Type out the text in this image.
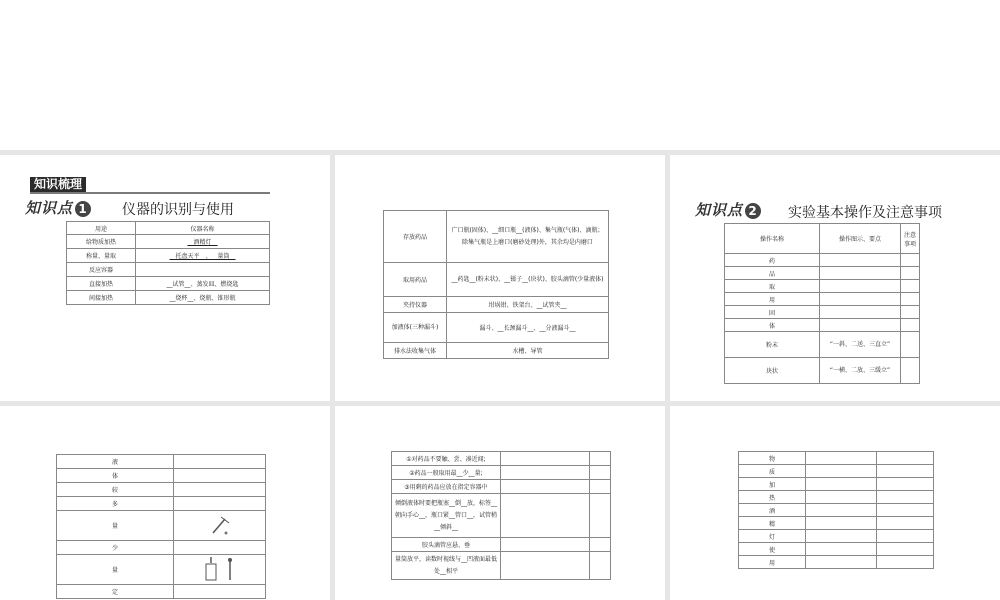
知识梳理
知识点 1 仪器的识别与使用
用途	仪器名称
给物质加热	__酒精灯__
称量、量取	__托盘天平__、__量筒__
反应容器	
直接加热	__试管__、蒸发皿、燃烧匙
间接加热	__烧杯__、烧瓶、锥形瓶
存放药品	广口瓶(固体)、__细口瓶__(液体)、集气瓶(气体)、滴瓶；除集气瓶是上磨口(磨砂处理)外，其余均是内磨口
取用药品	__药匙__(粉末状)、__镊子__(块状)、胶头滴管(少量液体)
夹持仪器	坩埚钳、铁架台、__试管夹__
加液体(三种漏斗)	漏斗、__长颈漏斗__、__分液漏斗__
排水法收集气体	水槽、导管
知识点 2 实验基本操作及注意事项
操作名称	操作图示、要点	注意事项
药		
品		
取		
用		
固		
体		
粉末	“一斜、二送、三直立”	
块状	“一横、二放、三缓立”	
液	
体	
较	
多	
量	
少	
量	
定	
①对药品不要触、尝、凑近闻;		
②药品一般取用最__少__量;		
③用剩的药品应放在指定容器中		
倾倒液体时要把瓶塞__倒__放，标签__朝向手心__，瓶口紧__管口__，试管稍__倾斜__		
胶头滴管应悬、垂		
量筒放平，读数时视线与__凹液面最低处__相平		
物		
质		
加		
热		
酒		
精		
灯		
使		
用		
